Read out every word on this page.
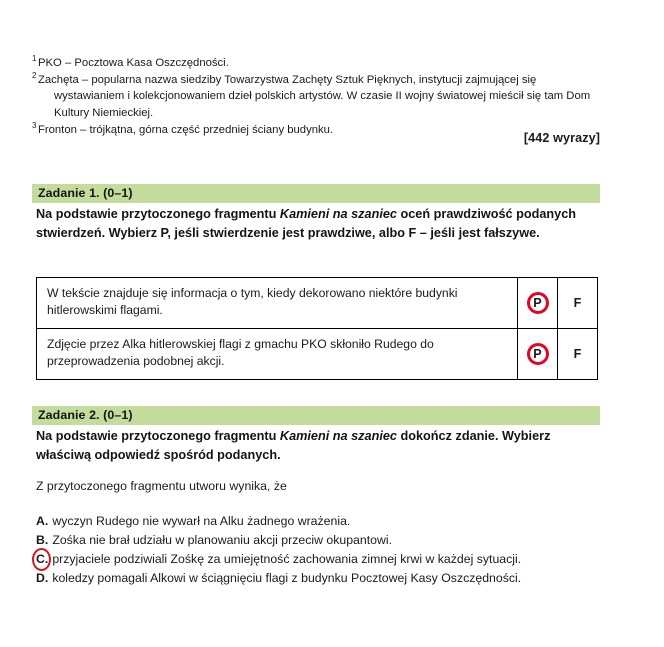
$^1$ PKO – Pocztowa Kasa Oszczędności.
$^2$ Zachęta – popularna nazwa siedziby Towarzystwa Zachęty Sztuk Pięknych, instytucji zajmującej się
wystawianiem i kolekcjonowaniem dzieł polskich artystów. W czasie II wojny światowej mieścił się tam Dom
Kultury Niemieckiej.
$^3$ Fronton – trójkątna, górna część przedniej ściany budynku.
[442 wyrazy]
Zadanie 1. (0–1)
Na podstawie przytoczonego fragmentu Kamieni na szaniec oceń prawdziwość podanych stwierdzeń. Wybierz P, jeśli stwierdzenie jest prawdziwe, albo F – jeśli jest fałszywe.
W tekście znajduje się informacja o tym, kiedy dekorowano niektóre budynki hitlerowskimi flagami.	P	F
Zdjęcie przez Alka hitlerowskiej flagi z gmachu PKO skłoniło Rudego do przeprowadzenia podobnej akcji.	P	F
Zadanie 2. (0–1)
Na podstawie przytoczonego fragmentu Kamieni na szaniec dokończ zdanie. Wybierz właściwą odpowiedź spośród podanych.
Z przytoczonego fragmentu utworu wynika, że
A. wyczyn Rudego nie wywarł na Alku żadnego wrażenia.
B. Zośka nie brał udziału w planowaniu akcji przeciw okupantowi.
C. przyjaciele podziwiali Zośkę za umiejętność zachowania zimnej krwi w każdej sytuacji.
D. koledzy pomagali Alkowi w ściągnięciu flagi z budynku Pocztowej Kasy Oszczędności.
